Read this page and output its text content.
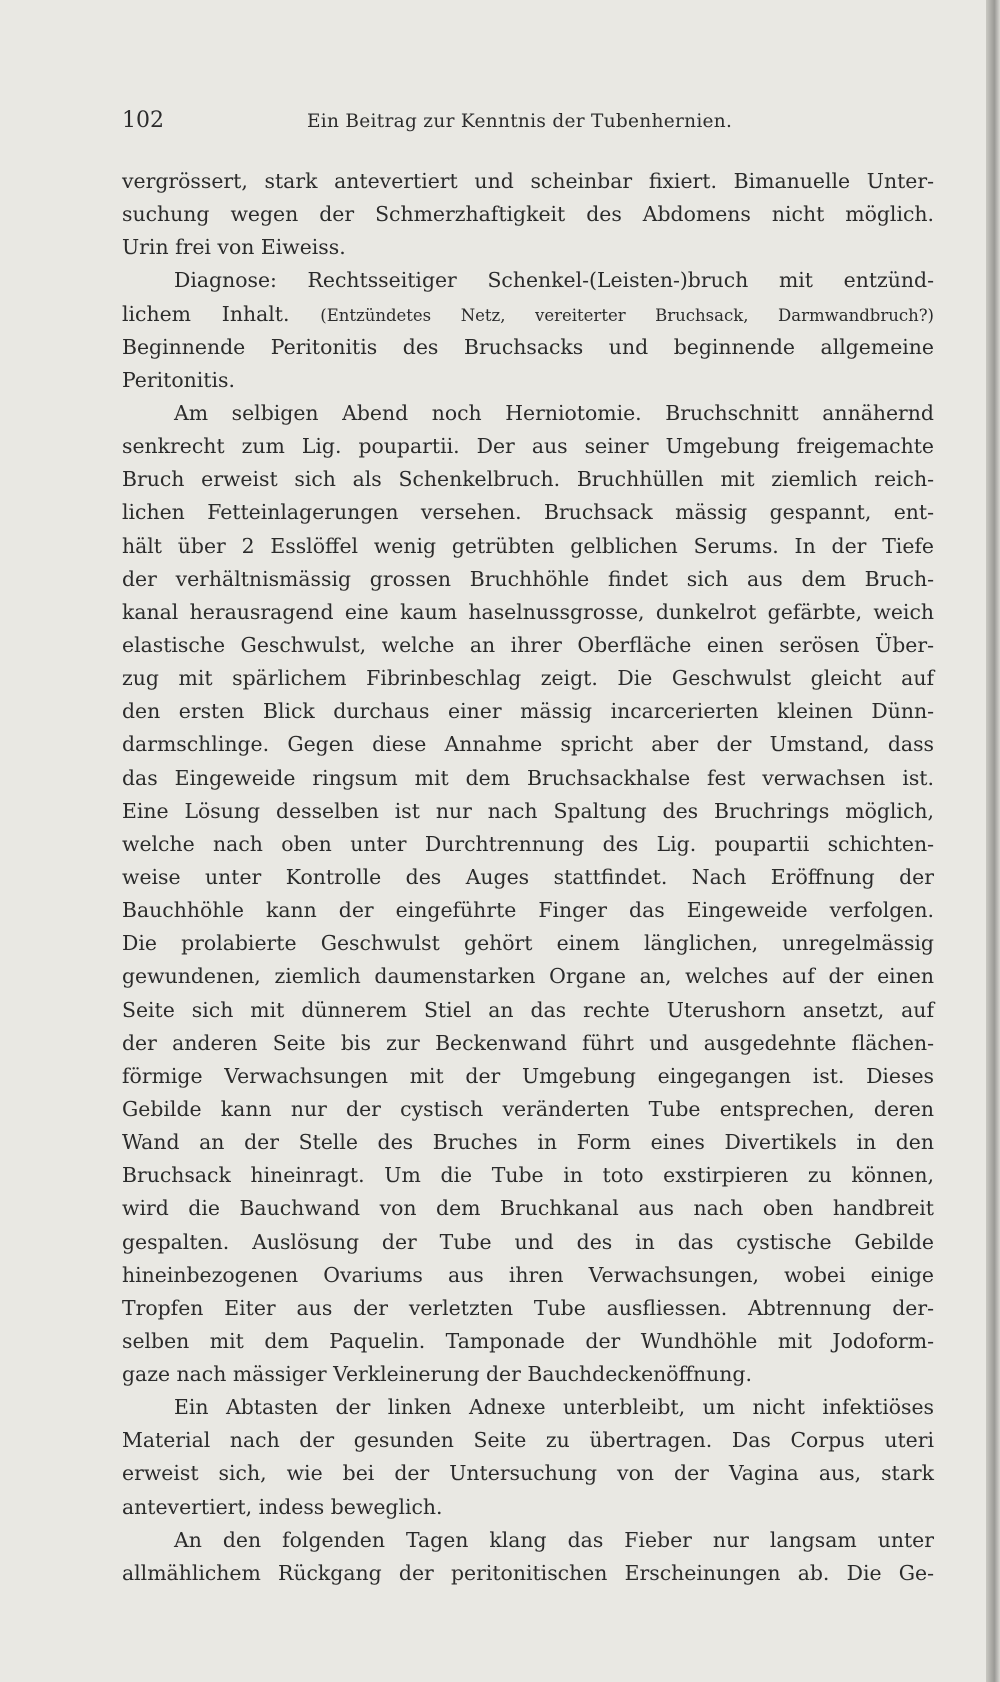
102	Ein Beitrag zur Kenntnis der Tubenhernien.
vergrössert, stark antevertiert und scheinbar fixiert. Bimanuelle Unter-
suchung wegen der Schmerzhaftigkeit des Abdomens nicht möglich.
Urin frei von Eiweiss.
Diagnose: Rechtsseitiger Schenkel-(Leisten-)bruch mit entzünd-
lichem Inhalt. (Entzündetes Netz, vereiterter Bruchsack, Darmwandbruch?)
Beginnende Peritonitis des Bruchsacks und beginnende allgemeine
Peritonitis.
Am selbigen Abend noch Herniotomie. Bruchschnitt annähernd
senkrecht zum Lig. poupartii. Der aus seiner Umgebung freigemachte
Bruch erweist sich als Schenkelbruch. Bruchhüllen mit ziemlich reich-
lichen Fetteinlagerungen versehen. Bruchsack mässig gespannt, ent-
hält über 2 Esslöffel wenig getrübten gelblichen Serums. In der Tiefe
der verhältnismässig grossen Bruchhöhle findet sich aus dem Bruch-
kanal herausragend eine kaum haselnussgrosse, dunkelrot gefärbte, weich
elastische Geschwulst, welche an ihrer Oberfläche einen serösen Über-
zug mit spärlichem Fibrinbeschlag zeigt. Die Geschwulst gleicht auf
den ersten Blick durchaus einer mässig incarcerierten kleinen Dünn-
darmschlinge. Gegen diese Annahme spricht aber der Umstand, dass
das Eingeweide ringsum mit dem Bruchsackhalse fest verwachsen ist.
Eine Lösung desselben ist nur nach Spaltung des Bruchrings möglich,
welche nach oben unter Durchtrennung des Lig. poupartii schichten-
weise unter Kontrolle des Auges stattfindet. Nach Eröffnung der
Bauchhöhle kann der eingeführte Finger das Eingeweide verfolgen.
Die prolabierte Geschwulst gehört einem länglichen, unregelmässig
gewundenen, ziemlich daumenstarken Organe an, welches auf der einen
Seite sich mit dünnerem Stiel an das rechte Uterushorn ansetzt, auf
der anderen Seite bis zur Beckenwand führt und ausgedehnte flächen-
förmige Verwachsungen mit der Umgebung eingegangen ist. Dieses
Gebilde kann nur der cystisch veränderten Tube entsprechen, deren
Wand an der Stelle des Bruches in Form eines Divertikels in den
Bruchsack hineinragt. Um die Tube in toto exstirpieren zu können,
wird die Bauchwand von dem Bruchkanal aus nach oben handbreit
gespalten. Auslösung der Tube und des in das cystische Gebilde
hineinbezogenen Ovariums aus ihren Verwachsungen, wobei einige
Tropfen Eiter aus der verletzten Tube ausfliessen. Abtrennung der-
selben mit dem Paquelin. Tamponade der Wundhöhle mit Jodoform-
gaze nach mässiger Verkleinerung der Bauchdeckenöffnung.
Ein Abtasten der linken Adnexe unterbleibt, um nicht infektiöses
Material nach der gesunden Seite zu übertragen. Das Corpus uteri
erweist sich, wie bei der Untersuchung von der Vagina aus, stark
antevertiert, indess beweglich.
An den folgenden Tagen klang das Fieber nur langsam unter
allmählichem Rückgang der peritonitischen Erscheinungen ab. Die Ge-
